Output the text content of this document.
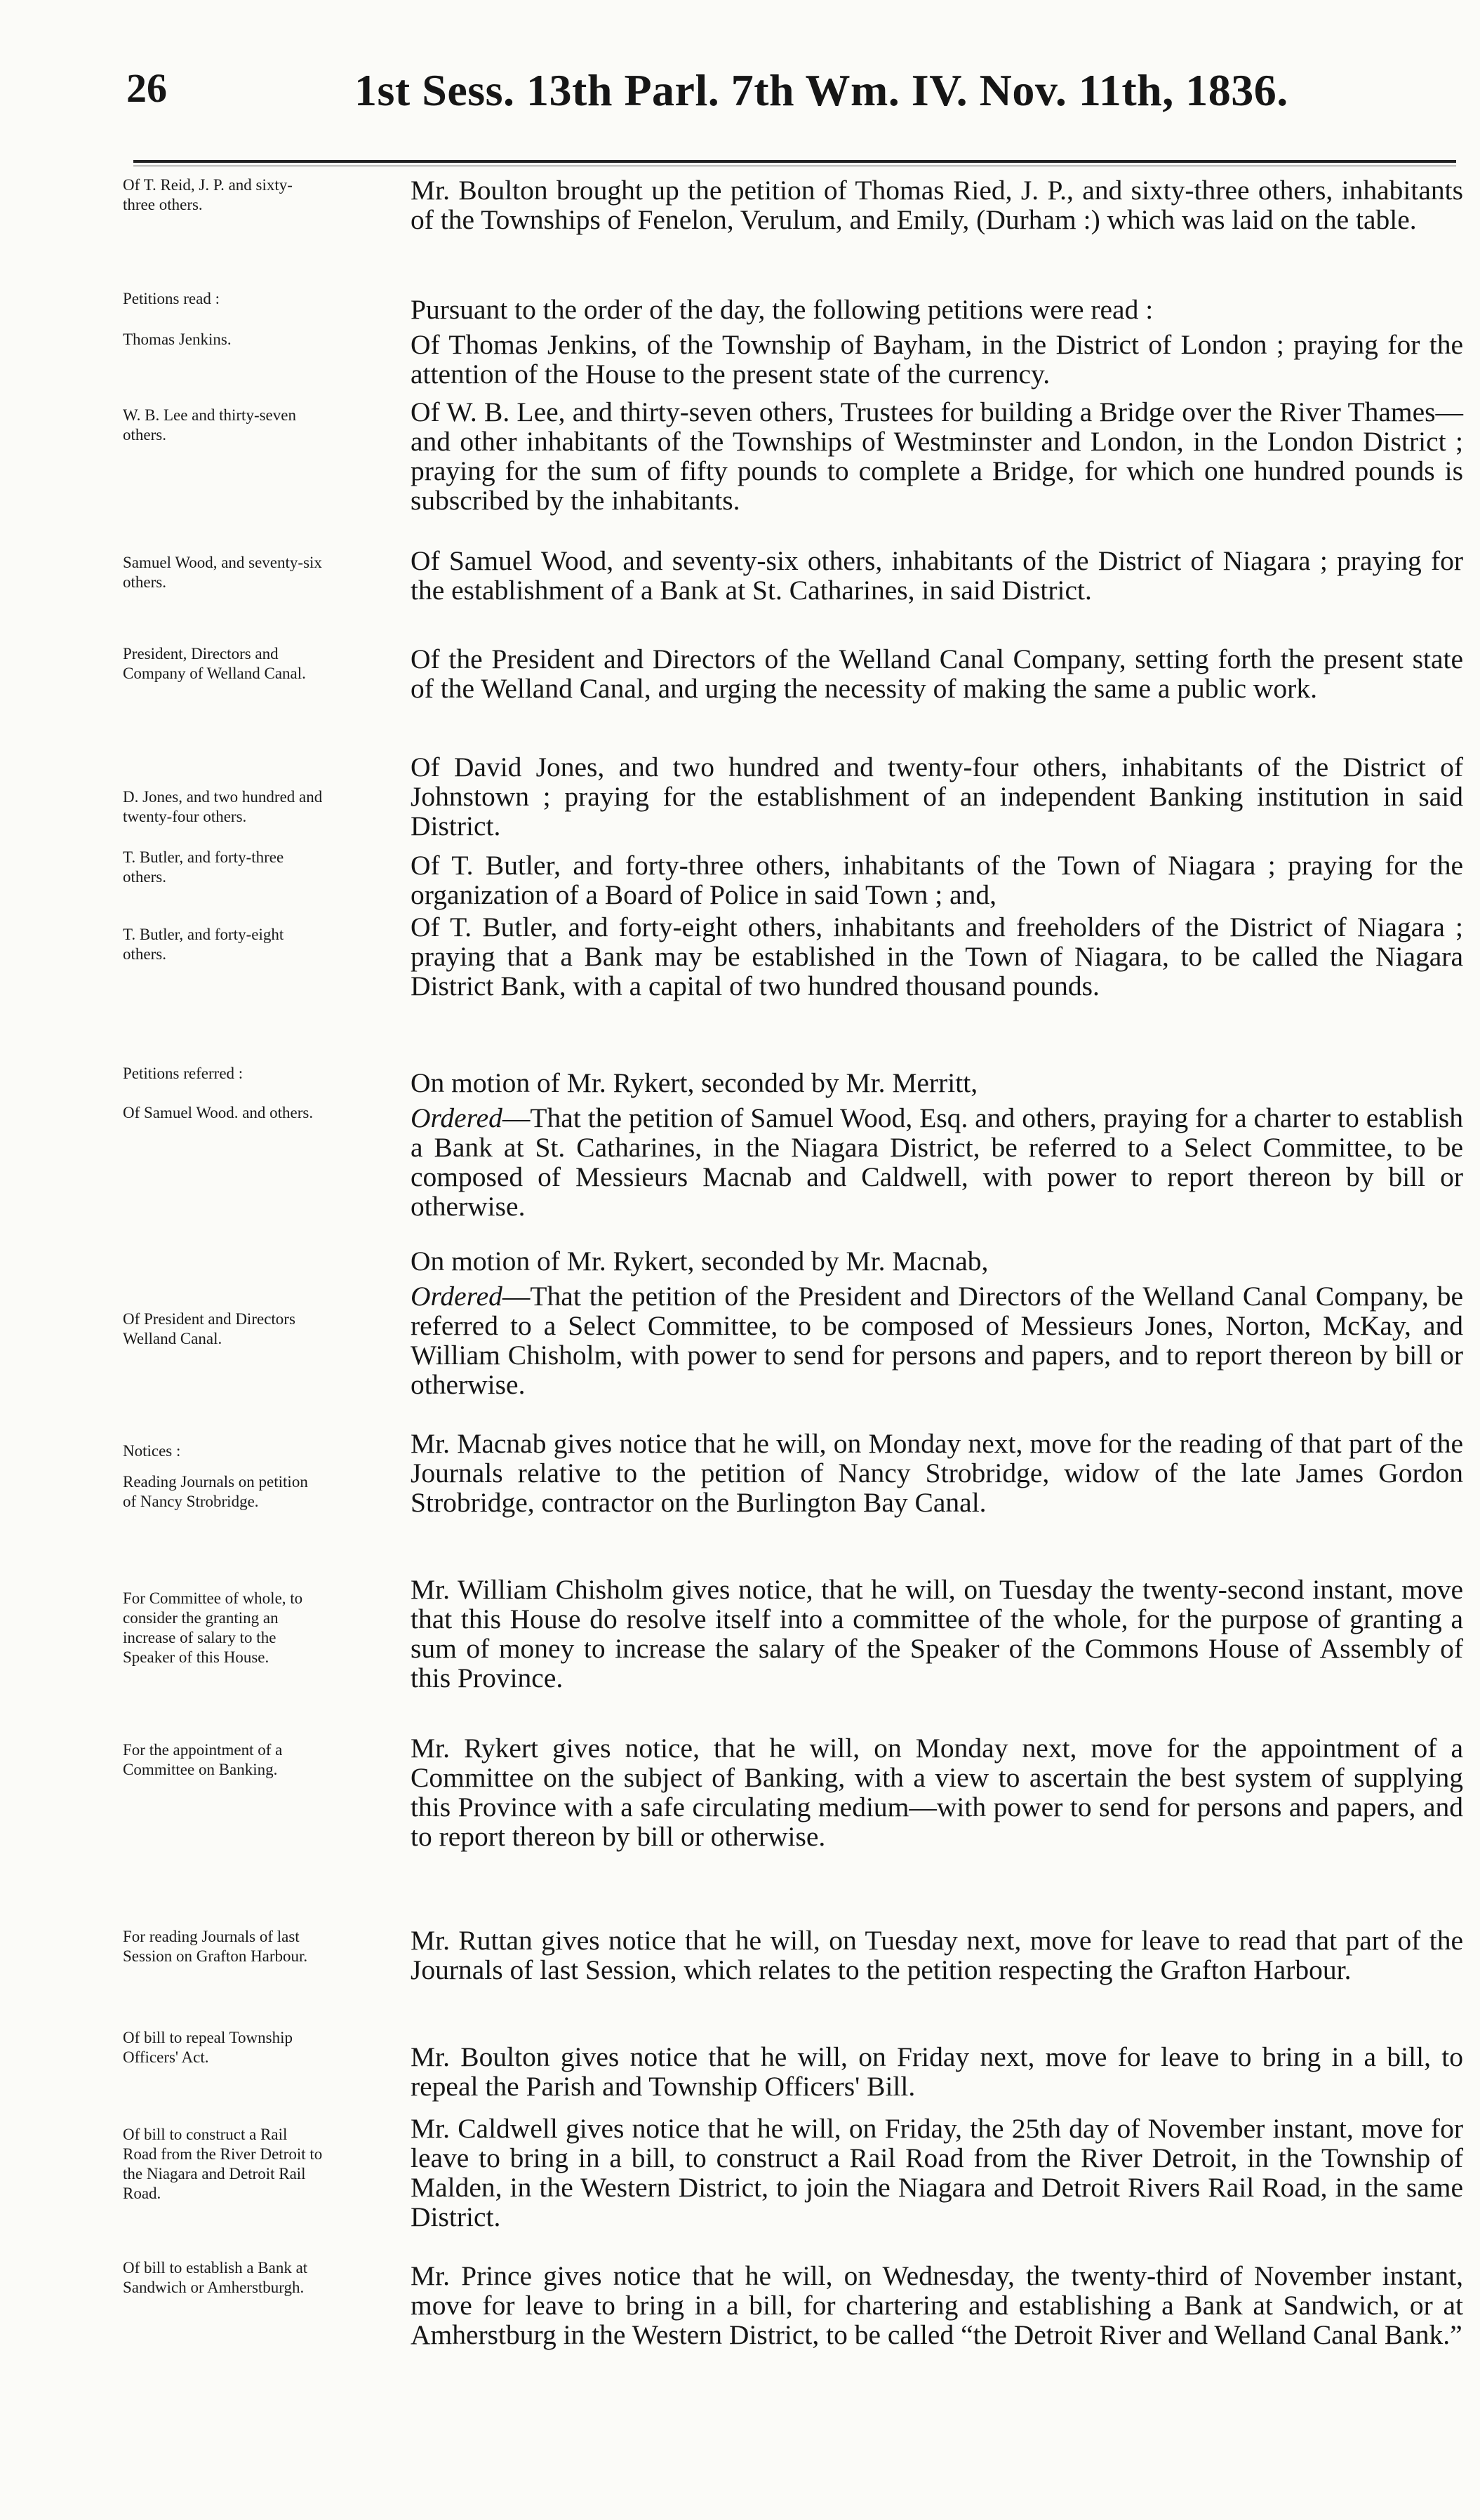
26	1st Sess. 13th Parl. 7th Wm. IV. Nov. 11th, 1836.
Of T. Reid, J. P. and sixty-three others.
Petitions read :
Thomas Jenkins.
W. B. Lee and thirty-seven others.
Samuel Wood, and seventy-six others.
President, Directors and Company of Welland Canal.
D. Jones, and two hundred and twenty-four others.
T. Butler, and forty-three others.
T. Butler, and forty-eight others.
Petitions referred :
Of Samuel Wood. and others.
Of President and Directors Welland Canal.
Notices :
Reading Journals on petition of Nancy Strobridge.
For Committee of whole, to consider the granting an increase of salary to the Speaker of this House.
For the appointment of a Committee on Banking.
For reading Journals of last Session on Grafton Harbour.
Of bill to repeal Township Officers' Act.
Of bill to construct a Rail Road from the River Detroit to the Niagara and Detroit Rail Road.
Of bill to establish a Bank at Sandwich or Amherstburgh.
Mr. Boulton brought up the petition of Thomas Ried, J. P., and sixty-three others, inhabitants of the Townships of Fenelon, Verulum, and Emily, (Durham :) which was laid on the table.
Pursuant to the order of the day, the following petitions were read :
Of Thomas Jenkins, of the Township of Bayham, in the District of London ; praying for the attention of the House to the present state of the currency.
Of W. B. Lee, and thirty-seven others, Trustees for building a Bridge over the River Thames—and other inhabitants of the Townships of Westminster and London, in the London District ; praying for the sum of fifty pounds to complete a Bridge, for which one hundred pounds is subscribed by the inhabitants.
Of Samuel Wood, and seventy-six others, inhabitants of the District of Niagara ; praying for the establishment of a Bank at St. Catharines, in said District.
Of the President and Directors of the Welland Canal Company, setting forth the present state of the Welland Canal, and urging the necessity of making the same a public work.
Of David Jones, and two hundred and twenty-four others, inhabitants of the District of Johnstown ; praying for the establishment of an independent Banking institution in said District.
Of T. Butler, and forty-three others, inhabitants of the Town of Niagara ; praying for the organization of a Board of Police in said Town ; and,
Of T. Butler, and forty-eight others, inhabitants and freeholders of the District of Niagara ; praying that a Bank may be established in the Town of Niagara, to be called the Niagara District Bank, with a capital of two hundred thousand pounds.
On motion of Mr. Rykert, seconded by Mr. Merritt,
Ordered—That the petition of Samuel Wood, Esq. and others, praying for a charter to establish a Bank at St. Catharines, in the Niagara District, be referred to a Select Committee, to be composed of Messieurs Macnab and Caldwell, with power to report thereon by bill or otherwise.
On motion of Mr. Rykert, seconded by Mr. Macnab,
Ordered—That the petition of the President and Directors of the Welland Canal Company, be referred to a Select Committee, to be composed of Messieurs Jones, Norton, McKay, and William Chisholm, with power to send for persons and papers, and to report thereon by bill or otherwise.
Mr. Macnab gives notice that he will, on Monday next, move for the reading of that part of the Journals relative to the petition of Nancy Strobridge, widow of the late James Gordon Strobridge, contractor on the Burlington Bay Canal.
Mr. William Chisholm gives notice, that he will, on Tuesday the twenty-second instant, move that this House do resolve itself into a committee of the whole, for the purpose of granting a sum of money to increase the salary of the Speaker of the Commons House of Assembly of this Province.
Mr. Rykert gives notice, that he will, on Monday next, move for the appointment of a Committee on the subject of Banking, with a view to ascertain the best system of supplying this Province with a safe circulating medium—with power to send for persons and papers, and to report thereon by bill or otherwise.
Mr. Ruttan gives notice that he will, on Tuesday next, move for leave to read that part of the Journals of last Session, which relates to the petition respecting the Grafton Harbour.
Mr. Boulton gives notice that he will, on Friday next, move for leave to bring in a bill, to repeal the Parish and Township Officers' Bill.
Mr. Caldwell gives notice that he will, on Friday, the 25th day of November instant, move for leave to bring in a bill, to construct a Rail Road from the River Detroit, in the Township of Malden, in the Western District, to join the Niagara and Detroit Rivers Rail Road, in the same District.
Mr. Prince gives notice that he will, on Wednesday, the twenty-third of November instant, move for leave to bring in a bill, for chartering and establishing a Bank at Sandwich, or at Amherstburg in the Western District, to be called “the Detroit River and Welland Canal Bank.”
